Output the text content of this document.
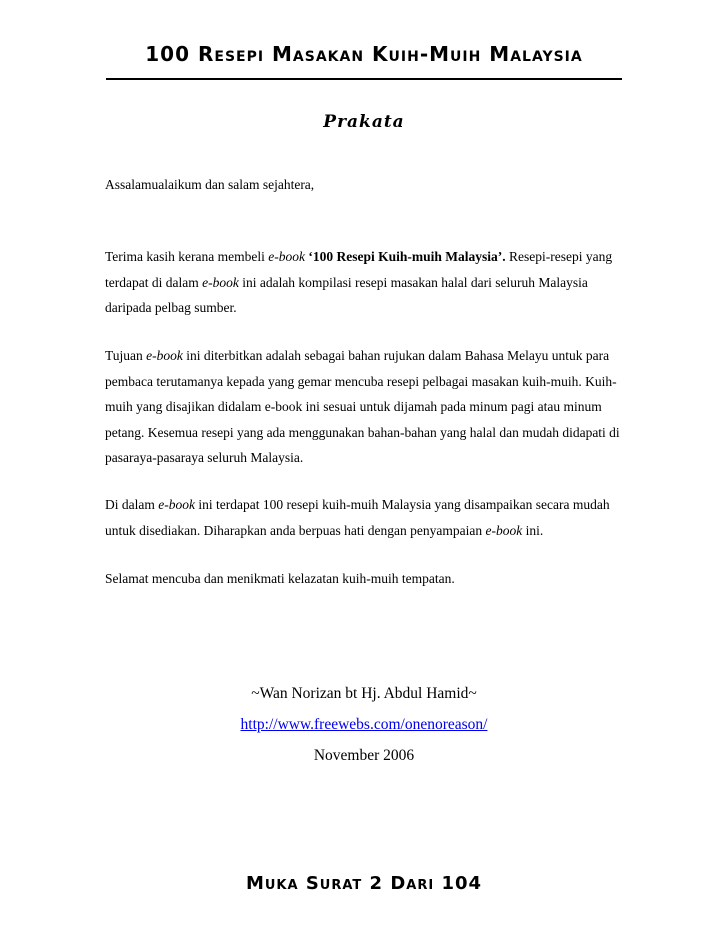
100 Resepi Masakan Kuih-Muih Malaysia
Prakata

Assalamualaikum dan salam sejahtera,

Terima kasih kerana membeli e-book ‘100 Resepi Kuih-muih Malaysia’. Resepi-resepi yang terdapat di dalam e-book ini adalah kompilasi resepi masakan halal dari seluruh Malaysia daripada pelbag sumber.

Tujuan e-book ini diterbitkan adalah sebagai bahan rujukan dalam Bahasa Melayu untuk para pembaca terutamanya kepada yang gemar mencuba resepi pelbagai masakan kuih-muih. Kuih-muih yang disajikan didalam e-book ini sesuai untuk dijamah pada minum pagi atau minum petang. Kesemua resepi yang ada menggunakan bahan-bahan yang halal dan mudah didapati di pasaraya-pasaraya seluruh Malaysia.

Di dalam e-book ini terdapat 100 resepi kuih-muih Malaysia yang disampaikan secara mudah untuk disediakan. Diharapkan anda berpuas hati dengan penyampaian e-book ini.

Selamat mencuba dan menikmati kelazatan kuih-muih tempatan.

~Wan Norizan bt Hj. Abdul Hamid~
http://www.freewebs.com/onenoreason/
November 2006
Muka Surat 2 Dari 104
